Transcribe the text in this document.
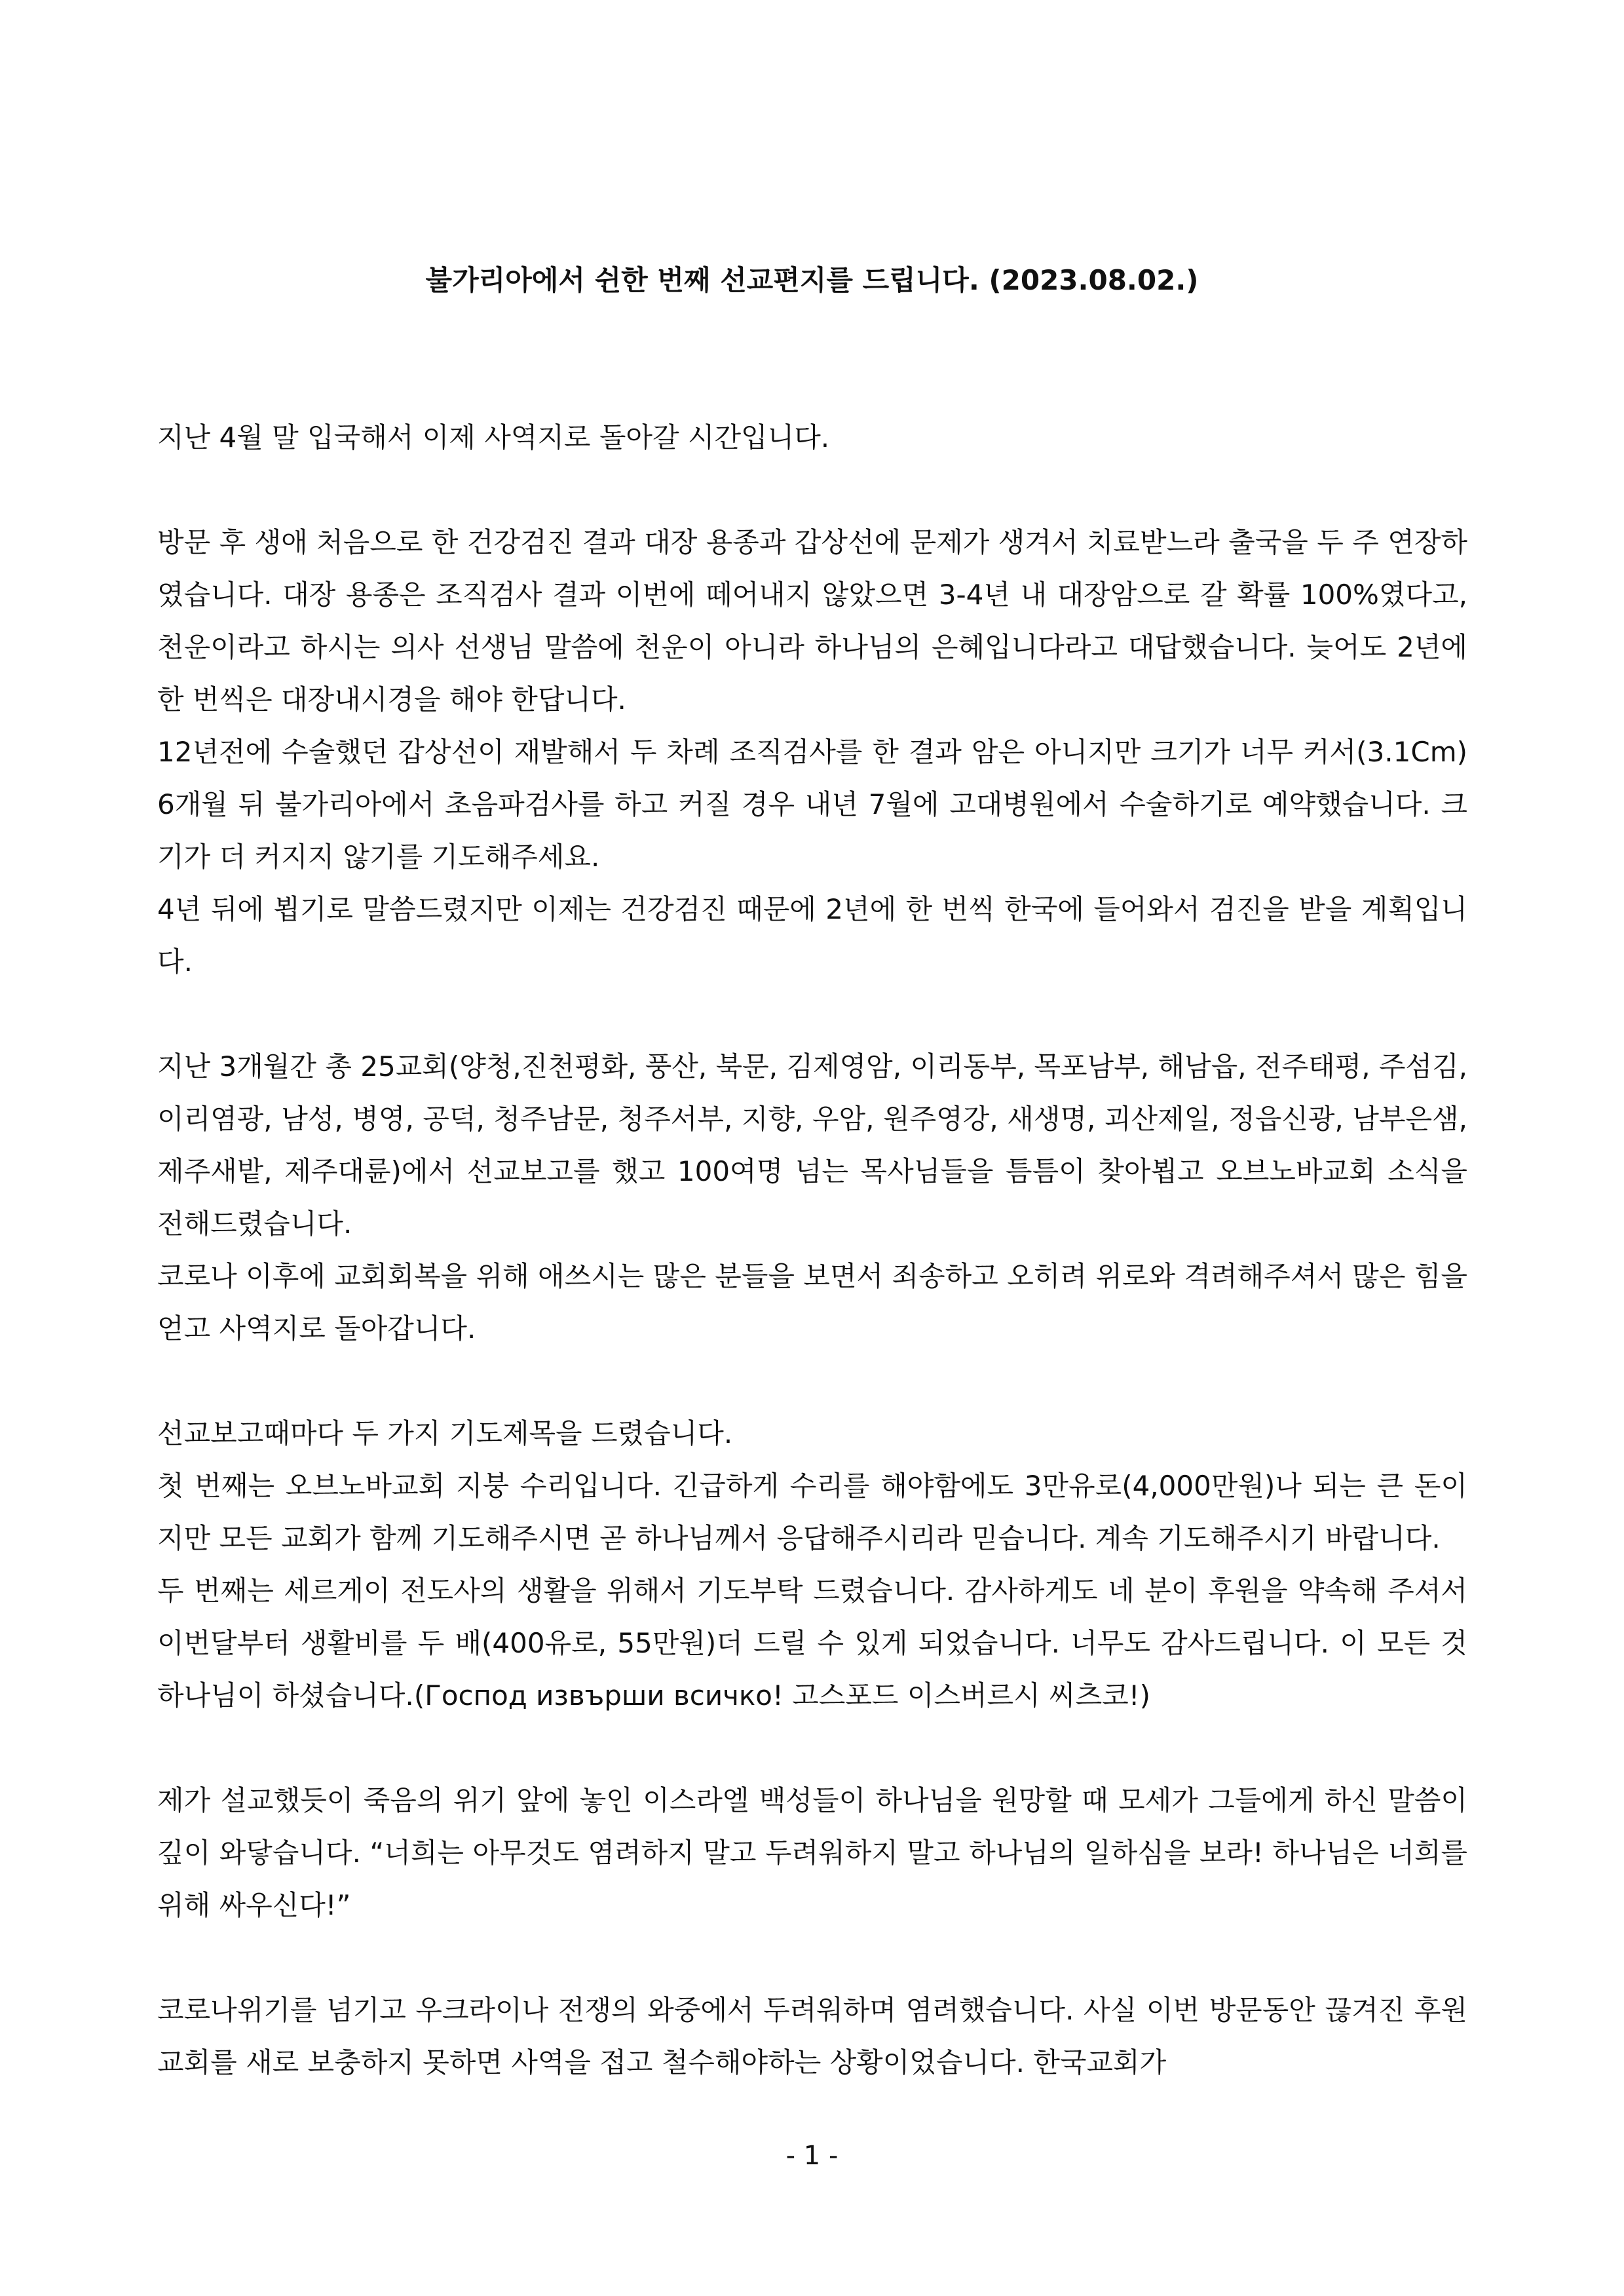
불가리아에서 쉰한 번째 선교편지를 드립니다. (2023.08.02.)

지난 4월 말 입국해서 이제 사역지로 돌아갈 시간입니다.

방문 후 생애 처음으로 한 건강검진 결과 대장 용종과 갑상선에 문제가 생겨서 치료받느라 출국을 두 주 연장하였습니다. 대장 용종은 조직검사 결과 이번에 떼어내지 않았으면 3-4년 내 대장암으로 갈 확률 100%였다고, 천운이라고 하시는 의사 선생님 말씀에 천운이 아니라 하나님의 은혜입니다라고 대답했습니다. 늦어도 2년에 한 번씩은 대장내시경을 해야 한답니다.

12년전에 수술했던 갑상선이 재발해서 두 차례 조직검사를 한 결과 암은 아니지만 크기가 너무 커서(3.1Cm) 6개월 뒤 불가리아에서 초음파검사를 하고 커질 경우 내년 7월에 고대병원에서 수술하기로 예약했습니다. 크기가 더 커지지 않기를 기도해주세요.

4년 뒤에 뵙기로 말씀드렸지만 이제는 건강검진 때문에 2년에 한 번씩 한국에 들어와서 검진을 받을 계획입니다.

지난 3개월간 총 25교회(양청,진천평화, 풍산, 북문, 김제영암, 이리동부, 목포남부, 해남읍, 전주태평, 주섬김, 이리염광, 남성, 병영, 공덕, 청주남문, 청주서부, 지향, 우암, 원주영강, 새생명, 괴산제일, 정읍신광, 남부은샘, 제주새밭, 제주대륜)에서 선교보고를 했고 100여명 넘는 목사님들을 틈틈이 찾아뵙고 오브노바교회 소식을 전해드렸습니다.

코로나 이후에 교회회복을 위해 애쓰시는 많은 분들을 보면서 죄송하고 오히려 위로와 격려해주셔서 많은 힘을 얻고 사역지로 돌아갑니다.

선교보고때마다 두 가지 기도제목을 드렸습니다.

첫 번째는 오브노바교회 지붕 수리입니다. 긴급하게 수리를 해야함에도 3만유로(4,000만원)나 되는 큰 돈이지만 모든 교회가 함께 기도해주시면 곧 하나님께서 응답해주시리라 믿습니다. 계속 기도해주시기 바랍니다.

두 번째는 세르게이 전도사의 생활을 위해서 기도부탁 드렸습니다. 감사하게도 네 분이 후원을 약속해 주셔서 이번달부터 생활비를 두 배(400유로, 55만원)더 드릴 수 있게 되었습니다. 너무도 감사드립니다. 이 모든 것 하나님이 하셨습니다.(Господ извърши всичко! 고스포드 이스버르시 씨츠코!)

제가 설교했듯이 죽음의 위기 앞에 놓인 이스라엘 백성들이 하나님을 원망할 때 모세가 그들에게 하신 말씀이 깊이 와닿습니다. “너희는 아무것도 염려하지 말고 두려워하지 말고 하나님의 일하심을 보라! 하나님은 너희를 위해 싸우신다!”

코로나위기를 넘기고 우크라이나 전쟁의 와중에서 두려워하며 염려했습니다. 사실 이번 방문동안 끊겨진 후원교회를 새로 보충하지 못하면 사역을 접고 철수해야하는 상황이었습니다. 한국교회가

- 1 -
